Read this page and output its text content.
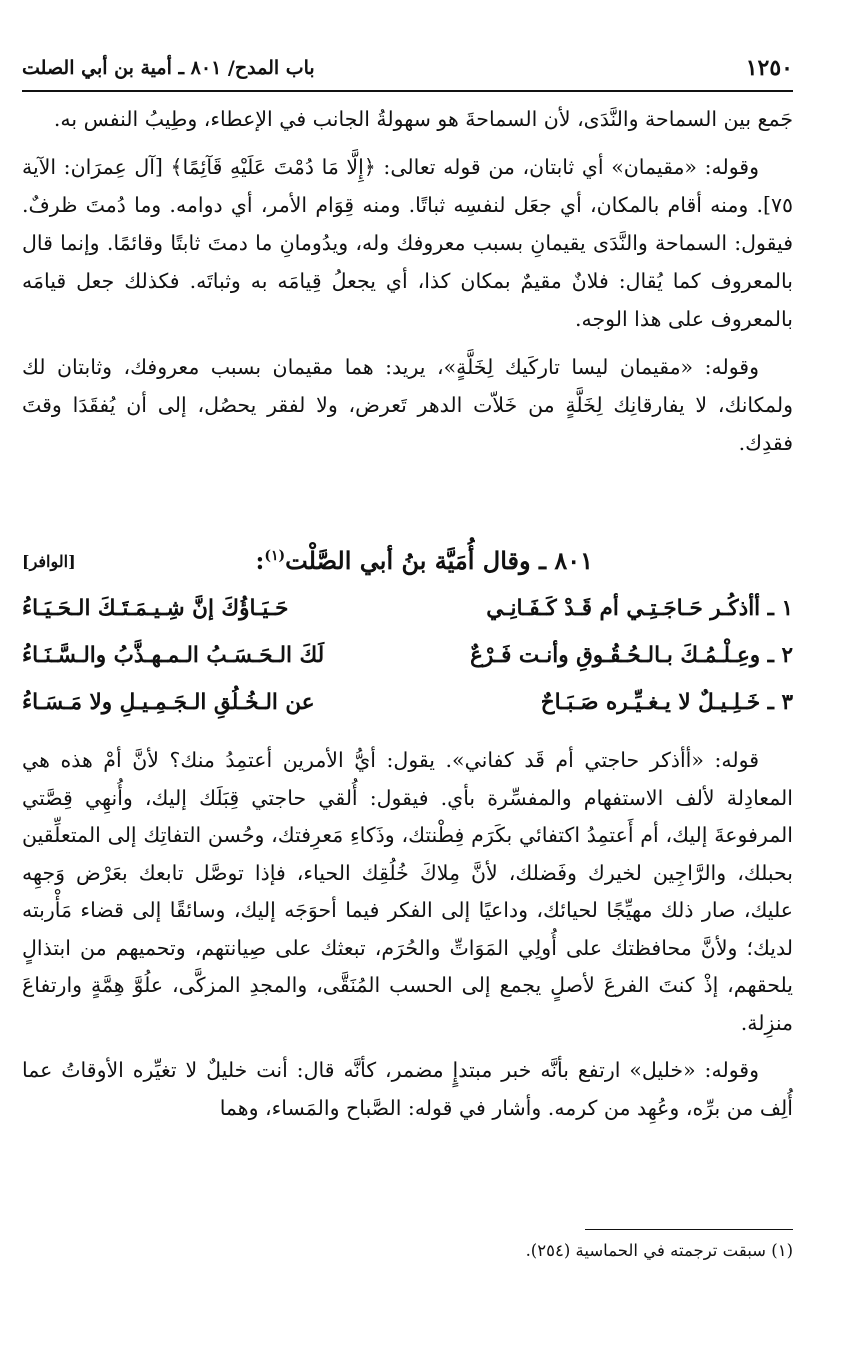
١٢٥٠
باب المدح/ ٨٠١ ـ أمية بن أبي الصلت

جَمع بين السماحة والنَّدَى، لأن السماحةَ هو سهولةُ الجانب في الإعطاء، وطِيبُ النفس به.

وقوله: «مقيمان» أي ثابتان، من قوله تعالى: ﴿إِلَّا مَا دُمْتَ عَلَيْهِ قَآئِمًا﴾ [آل عِمرَان: الآية ٧٥]. ومنه أقام بالمكان، أي جعَل لنفسِه ثباتًا. ومنه قِوَام الأمر، أي دوامه. وما دُمتَ ظرفٌ. فيقول: السماحة والنَّدَى يقيمانِ بسبب معروفك وله، ويدُومانِ ما دمتَ ثابتًا وقائمًا. وإنما قال بالمعروف كما يُقال: فلانٌ مقيمٌ بمكان كذا، أي يجعلُ قِيامَه به وثباتَه. فكذلك جعل قيامَه بالمعروف على هذا الوجه.

وقوله: «مقيمان ليسا تاركَيك لِخَلَّةٍ»، يريد: هما مقيمان بسبب معروفك، وثابتان لك ولمكانك، لا يفارقانِك لِخَلَّةٍ من خَلاّت الدهر تَعرض، ولا لفقر يحصُل، إلى أن يُفقَدَا وقتَ فقدِك.

٨٠١ ـ وقال أُمَيَّة بنُ أبي الصَّلْت$^{(١)}$:
[الوافر]
١ ـ أأذكُـر حَـاجَـتِـي أم قَـدْ كَـفَـانِـي
حَـيَـاؤُكَ إنَّ شِـيـمَـتَـكَ الـحَـيَـاءُ
٢ ـ وعِـلْـمُـكَ بـالـحُـقُـوقِ وأنـت فَـرْعٌ
لَكَ الـحَـسَـبُ الـمـهـذَّبُ والـسَّـنَـاءُ
٣ ـ خَـلِـيـلٌ لا يـغـيِّـره صَـبَـاحٌ
عن الـخُـلُقِ الـجَـمِـيـلِ ولا مَـسَـاءُ

قوله: «أأذكر حاجتي أم قَد كفاني». يقول: أيُّ الأمرين أعتمِدُ منك؟ لأنَّ أمْ هذه هي المعادِلة لألف الاستفهام والمفسِّرة بأي. فيقول: أُلقي حاجتي قِبَلَك إليك، وأُنهِي قِصَّتي المرفوعةَ إليك، أم أَعتمِدُ اكتفائي بكَرَم فِطْنتك، وذَكاءِ مَعرِفتك، وحُسن التفاتِك إلى المتعلِّقين بحبلك، والرَّاجِين لخيرك وفَضلك، لأنَّ مِلاكَ خُلُقِك الحياء، فإذا توصَّل تابعك بعَرْض وَجهِه عليك، صار ذلك مهيِّجًا لحيائك، وداعيًا إلى الفكر فيما أحوَجَه إليك، وسائقًا إلى قضاء مَأْربته لديك؛ ولأنَّ محافظتك على أُولِي المَوَاتِّ والحُرَم، تبعثك على صِيانتهم، وتحميهم من ابتذالٍ يلحقهم، إذْ كنتَ الفرعَ لأصلٍ يجمع إلى الحسب المُنَقَّى، والمجدِ المزكَّى، علُوَّ هِمَّةٍ وارتفاعَ منزِلة.

وقوله: «خليل» ارتفع بأنَّه خبر مبتدإٍ مضمر، كأنَّه قال: أنت خليلٌ لا تغيِّره الأوقاتُ عما أُلِف من برِّه، وعُهِد من كرمه. وأشار في قوله: الصَّباح والمَساء، وهما

(١) سبقت ترجمته في الحماسية (٢٥٤).
